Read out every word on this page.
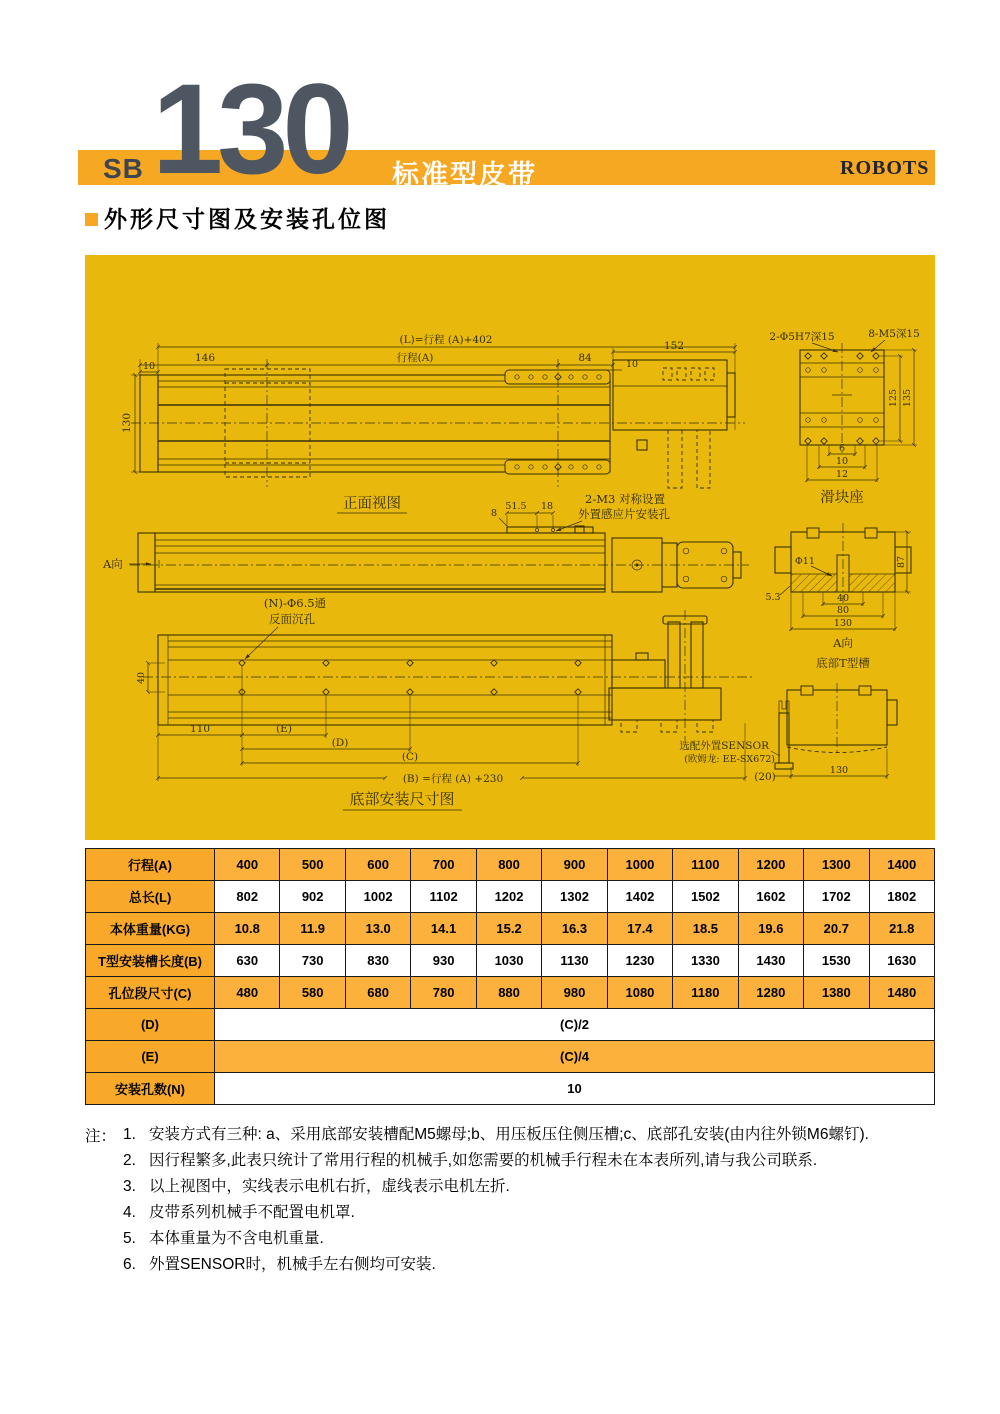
SB 130 标准型皮带	ROBOTS
外形尺寸图及安装孔位图
(L)=行程 (A)+402
行程(A)
146
10
84
10
152
130
正面视图
2-Φ5H7深15	8-M5深15
125 135
6
10
12
滑块座
A向
8
51.5 18
2-M3 对称设置
外置感应片安装孔
Φ11
5.3	40
80
130
87
A向
底部T型槽
(N)-Φ6.5通
反面沉孔
40
110	(E)
(D)
(C)
(B) =行程 (A) +230
底部安装尺寸图
选配外置SENSOR
(欧姆龙: EE-SX672)
(20)
130
行程(A)	400	500	600	700	800	900	1000	1100	1200	1300	1400
总长(L)	802	902	1002	1102	1202	1302	1402	1502	1602	1702	1802
本体重量(KG)	10.8	11.9	13.0	14.1	15.2	16.3	17.4	18.5	19.6	20.7	21.8
T型安装槽长度(B)	630	730	830	930	1030	1130	1230	1330	1430	1530	1630
孔位段尺寸(C)	480	580	680	780	880	980	1080	1180	1280	1380	1480
(D)	(C)/2										
(E)	(C)/4										
安装孔数(N)	10										
注： 1. 安装方式有三种: a、采用底部安装槽配M5螺母;b、用压板压住侧压槽;c、底部孔安装(由内往外锁M6螺钉).
2. 因行程繁多,此表只统计了常用行程的机械手,如您需要的机械手行程未在本表所列,请与我公司联系.
3. 以上视图中，实线表示电机右折，虚线表示电机左折.
4. 皮带系列机械手不配置电机罩.
5. 本体重量为不含电机重量.
6. 外置SENSOR时，机械手左右侧均可安装.
